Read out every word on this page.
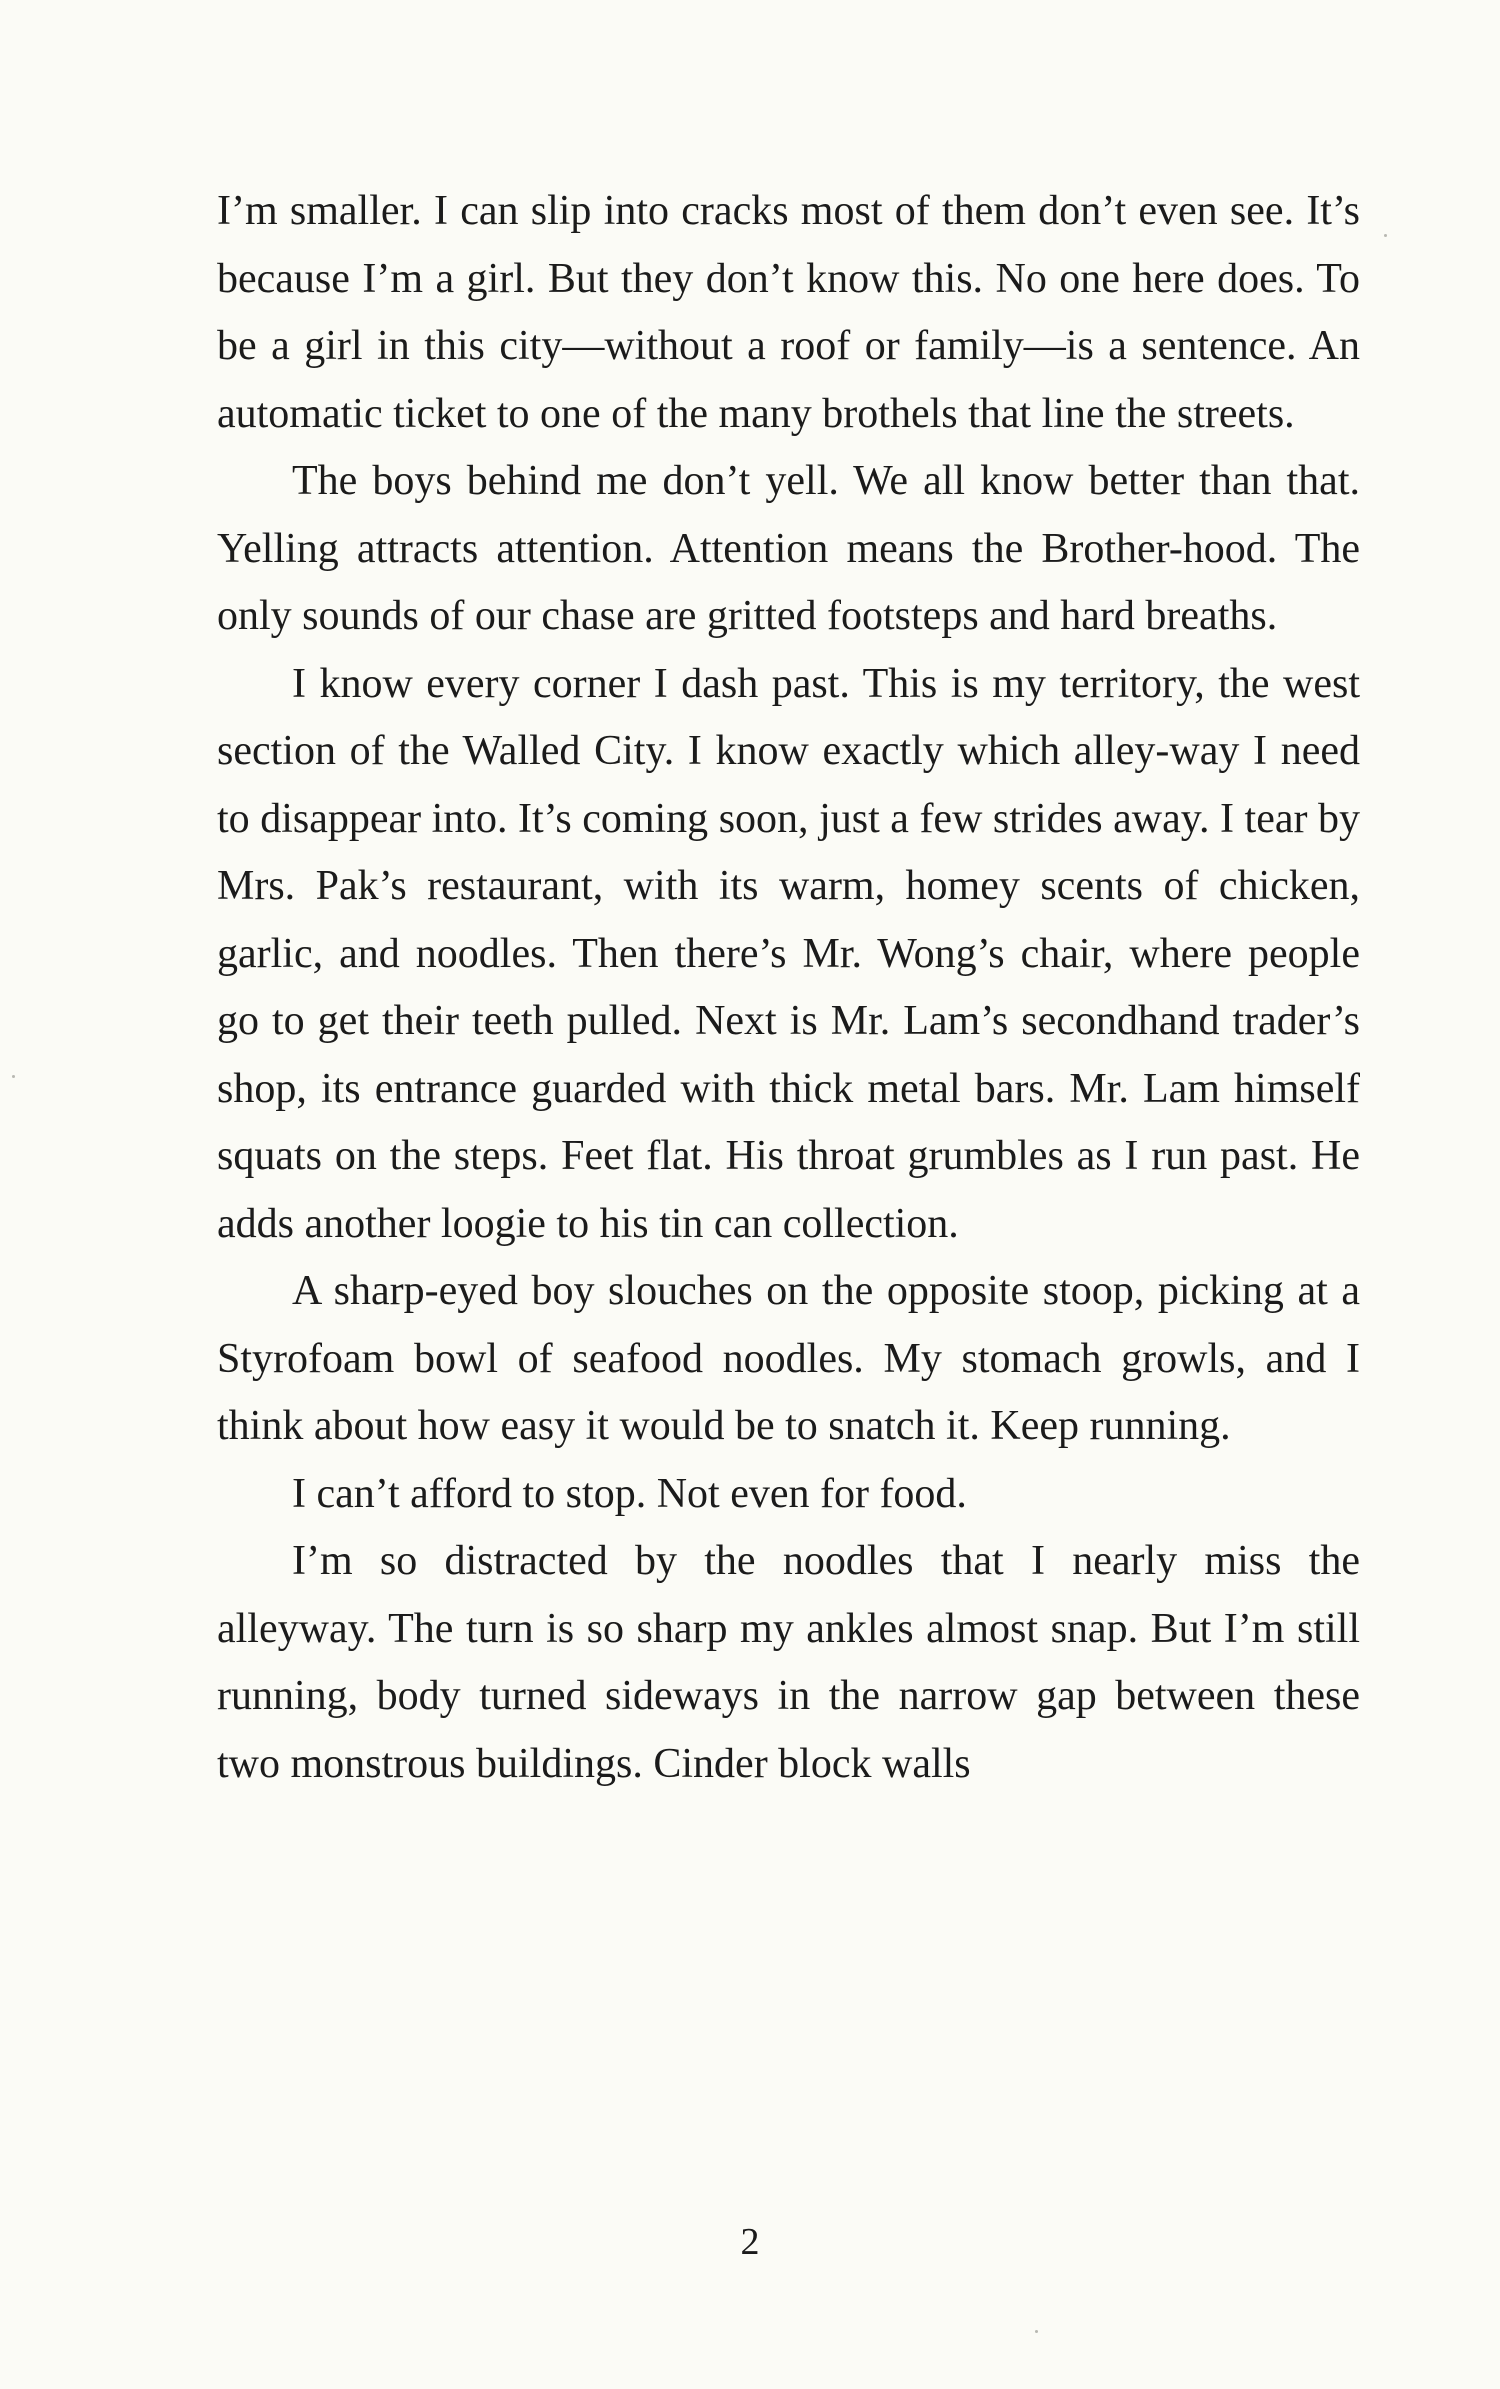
I’m smaller. I can slip into cracks most of them don’t even see. It’s because I’m a girl. But they don’t know this. No one here does. To be a girl in this city—without a roof or family—is a sentence. An automatic ticket to one of the many brothels that line the streets.

The boys behind me don’t yell. We all know better than that. Yelling attracts attention. Attention means the Brother-hood. The only sounds of our chase are gritted footsteps and hard breaths.

I know every corner I dash past. This is my territory, the west section of the Walled City. I know exactly which alley-way I need to disappear into. It’s coming soon, just a few strides away. I tear by Mrs. Pak’s restaurant, with its warm, homey scents of chicken, garlic, and noodles. Then there’s Mr. Wong’s chair, where people go to get their teeth pulled. Next is Mr. Lam’s secondhand trader’s shop, its entrance guarded with thick metal bars. Mr. Lam himself squats on the steps. Feet flat. His throat grumbles as I run past. He adds another loogie to his tin can collection.

A sharp-eyed boy slouches on the opposite stoop, picking at a Styrofoam bowl of seafood noodles. My stomach growls, and I think about how easy it would be to snatch it. Keep running.

I can’t afford to stop. Not even for food.

I’m so distracted by the noodles that I nearly miss the alleyway. The turn is so sharp my ankles almost snap. But I’m still running, body turned sideways in the narrow gap between these two monstrous buildings. Cinder block walls

2
